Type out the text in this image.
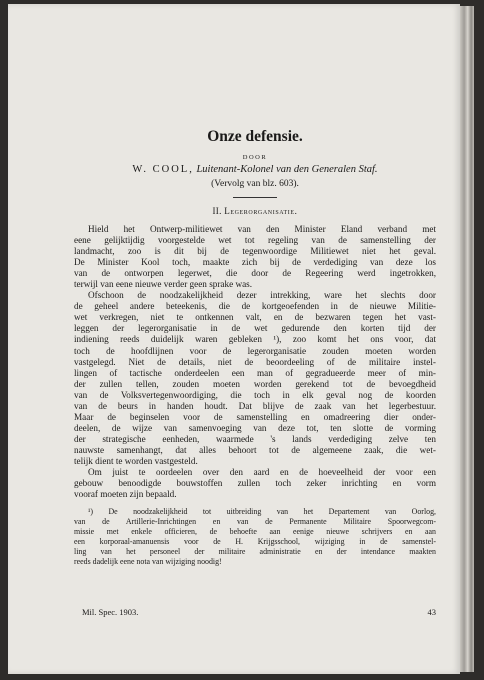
Onze defensie.
DOOR
W. COOL, Luitenant-Kolonel van den Generalen Staf.
(Vervolg van blz. 603).
II. Legerorganisatie.
Hield het Ontwerp-militiewet van den Minister Eland verband met
eene gelijktijdig voorgestelde wet tot regeling van de samenstelling der
landmacht, zoo is dit bij de tegenwoordige Militiewet niet het geval.
De Minister Kool toch, maakte zich bij de verdediging van deze los
van de ontworpen legerwet, die door de Regeering werd ingetrokken,
terwijl van eene nieuwe verder geen sprake was.
Ofschoon de noodzakelijkheid dezer intrekking, ware het slechts door
de geheel andere beteekenis, die de kortgeoefenden in de nieuwe Militie-
wet verkregen, niet te ontkennen valt, en de bezwaren tegen het vast-
leggen der legerorganisatie in de wet gedurende den korten tijd der
indiening reeds duidelijk waren gebleken ¹), zoo komt het ons voor, dat
toch de hoofdlijnen voor de legerorganisatie zouden moeten worden
vastgelegd. Niet de details, niet de beoordeeling of de militaire instel-
lingen of tactische onderdeelen een man of gegradueerde meer of min-
der zullen tellen, zouden moeten worden gerekend tot de bevoegdheid
van de Volksvertegenwoordiging, die toch in elk geval nog de koorden
van de beurs in handen houdt. Dat blijve de zaak van het legerbestuur.
Maar de beginselen voor de samenstelling en omadreering dier onder-
deelen, de wijze van samenvoeging van deze tot, ten slotte de vorming
der strategische eenheden, waarmede 's lands verdediging zelve ten
nauwste samenhangt, dat alles behoort tot de algemeene zaak, die wet-
telijk dient te worden vastgesteld.
Om juist te oordeelen over den aard en de hoeveelheid der voor een
gebouw benoodigde bouwstoffen zullen toch zeker inrichting en vorm
vooraf moeten zijn bepaald.
¹) De noodzakelijkheid tot uitbreiding van het Departement van Oorlog,
van de Artillerie-Inrichtingen en van de Permanente Militaire Spoorwegcom-
missie met enkele officieren, de behoefte aan eenige nieuwe schrijvers en aan
een korporaal-amanuensis voor de H. Krijgsschool, wijziging in de samenstel-
ling van het personeel der militaire administratie en der intendance maakten
reeds dadelijk eene nota van wijziging noodig!
Mil. Spec. 1903.	43
